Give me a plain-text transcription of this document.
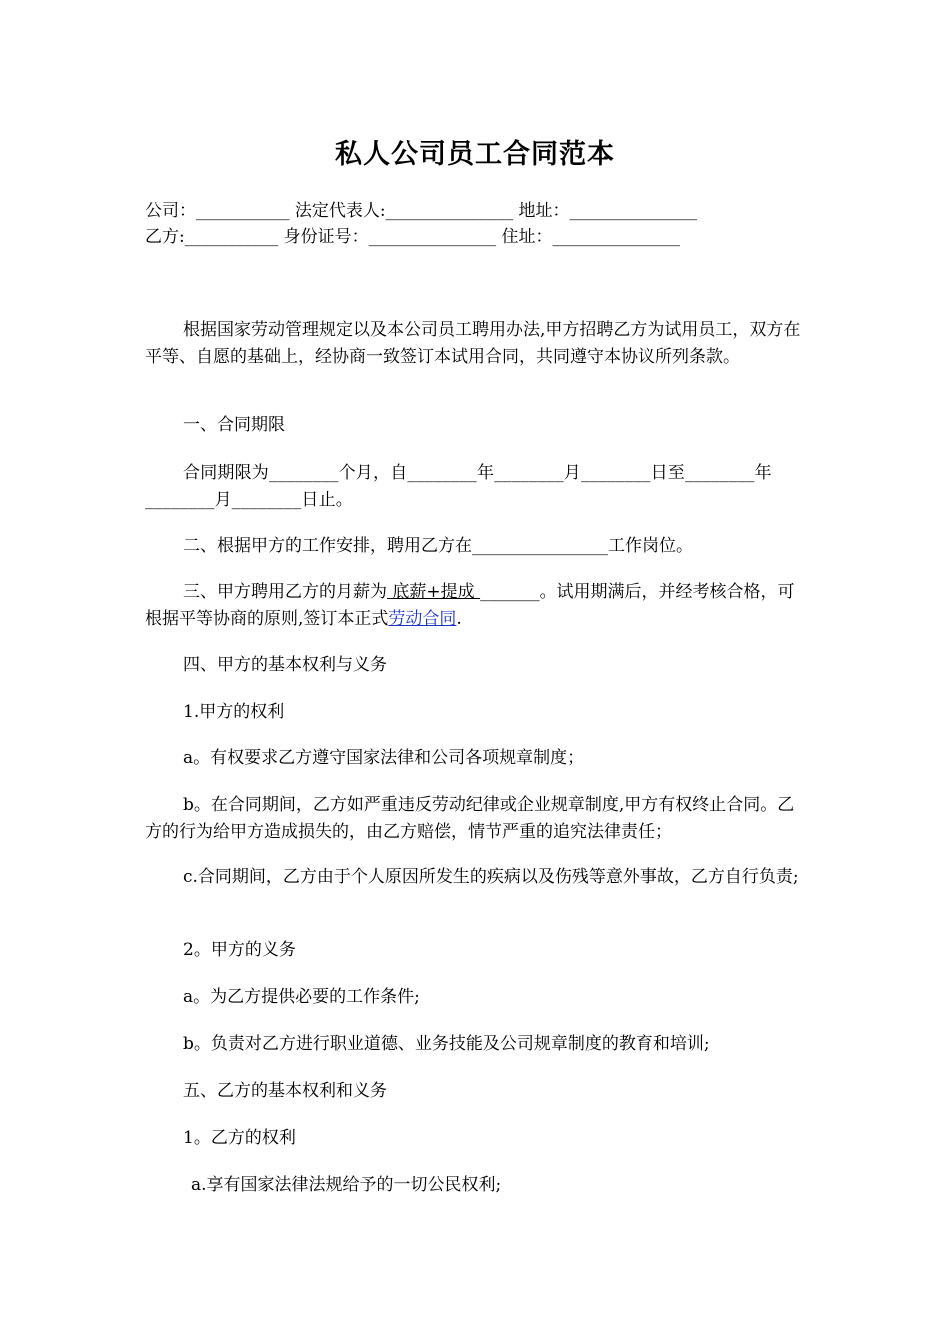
私人公司员工合同范本
公司：___________ 法定代表人:_______________ 地址：_______________
乙方:___________ 身份证号：_______________ 住址：_______________
根据国家劳动管理规定以及本公司员工聘用办法,甲方招聘乙方为试用员工，双方在平等、自愿的基础上，经协商一致签订本试用合同，共同遵守本协议所列条款。
一、合同期限
合同期限为________个月，自________年________月________日至________年________月________日止。
二、根据甲方的工作安排，聘用乙方在________________工作岗位。
三、甲方聘用乙方的月薪为 底薪+提成 _______。试用期满后，并经考核合格，可根据平等协商的原则,签订本正式劳动合同.
四、甲方的基本权利与义务
1.甲方的权利
a。有权要求乙方遵守国家法律和公司各项规章制度；
b。在合同期间，乙方如严重违反劳动纪律或企业规章制度,甲方有权终止合同。乙方的行为给甲方造成损失的，由乙方赔偿，情节严重的追究法律责任；
c.合同期间，乙方由于个人原因所发生的疾病以及伤残等意外事故，乙方自行负责;
2。甲方的义务
a。为乙方提供必要的工作条件;
b。负责对乙方进行职业道德、业务技能及公司规章制度的教育和培训;
五、乙方的基本权利和义务
1。乙方的权利
a.享有国家法律法规给予的一切公民权利;
